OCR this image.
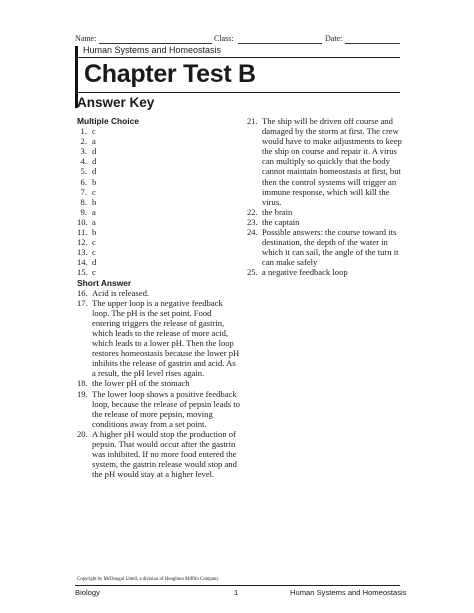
Name:	Class:	Date:
Human Systems and Homeostasis
Chapter Test B
Answer Key
Multiple Choice
1. c
2. a
3. d
4. d
5. d
6. b
7. c
8. b
9. a
10. a
11. b
12. c
13. c
14. d
15. c
Short Answer
16. Acid is released.
17. The upper loop is a negative feedback loop. The pH is the set point. Food entering triggers the release of gastrin, which leads to the release of more acid, which leads to a lower pH. Then the loop restores homeostasis because the lower pH inhibits the release of gastrin and acid. As a result, the pH level rises again.
18. the lower pH of the stomach
19. The lower loop shows a positive feedback loop, because the release of pepsin leads to the release of more pepsin, moving conditions away from a set point.
20. A higher pH would stop the production of pepsin. That would occur after the gastrin was inhibited. If no more food entered the system, the gastrin release would stop and the pH would stay at a higher level.
21. The ship will be driven off course and damaged by the storm at first. The crew would have to make adjustments to keep the ship on course and repair it. A virus can multiply so quickly that the body cannot maintain homeostasis at first, but then the control systems will trigger an immune response, which will kill the virus.
22. the brain
23. the captain
24. Possible answers: the course toward its destination, the depth of the water in which it can sail, the angle of the turn it can make safely
25. a negative feedback loop
Copyright by McDougal Littell, a division of Houghton Mifflin Company
Biology	1	Human Systems and Homeostasis
